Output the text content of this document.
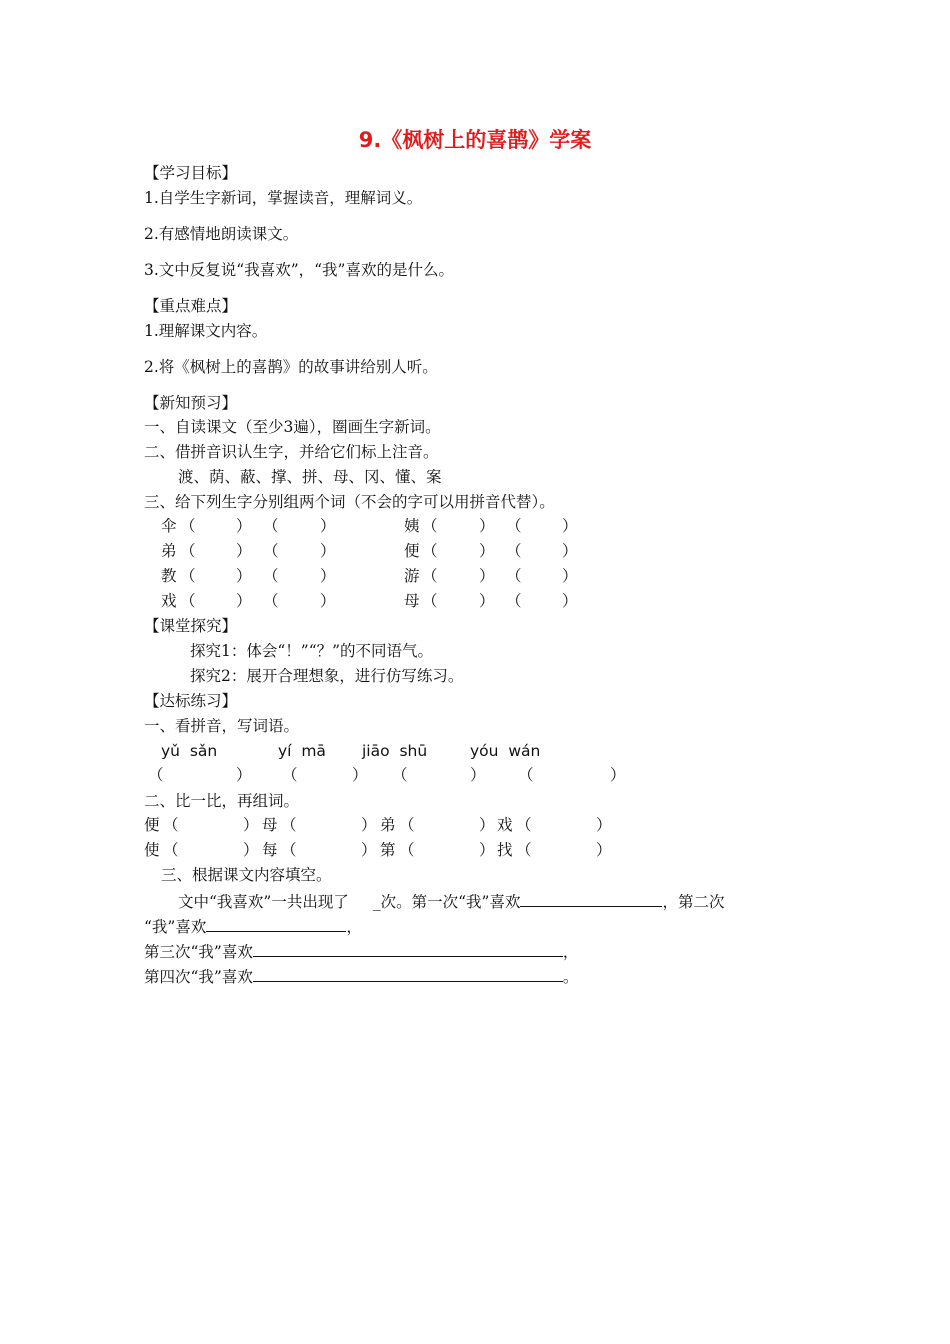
9.《枫树上的喜鹊》学案
【学习目标】
1.自学生字新词，掌握读音，理解词义。
2.有感情地朗读课文。
3.文中反复说“我喜欢”，“我”喜欢的是什么。
【重点难点】
1.理解课文内容。
2.将《枫树上的喜鹊》的故事讲给别人听。
【新知预习】
一、自读课文（至少3遍），圈画生字新词。
二、借拼音识认生字，并给它们标上注音。
渡、荫、蔽、撑、拼、母、冈、懂、案
三、给下列生字分别组两个词（不会的字可以用拼音代替）。
伞 （	） （	）	姨 （	） （	）
弟 （	） （	）	便 （	） （	）
教 （	） （	）	游 （	） （	）
戏 （	） （	）	母 （	） （	）
【课堂探究】
探究1：体会“！”“？”的不同语气。
探究2：展开合理想象，进行仿写练习。
【达标练习】
一、看拼音，写词语。
yǔ  sǎn	yí  mā jiāo  shū	yóu  wán
（	） （	） （	） （	）
二、比一比，再组词。
便 （	） 母 （	） 弟 （	） 戏 （	）
使 （	） 每 （	） 第 （	） 找 （	）
三、根据课文内容填空。
文中“我喜欢”一共出现了 _次。第一次“我”喜欢	，第二次
“我”喜欢	，
第三次“我”喜欢	，
第四次“我”喜欢	。
